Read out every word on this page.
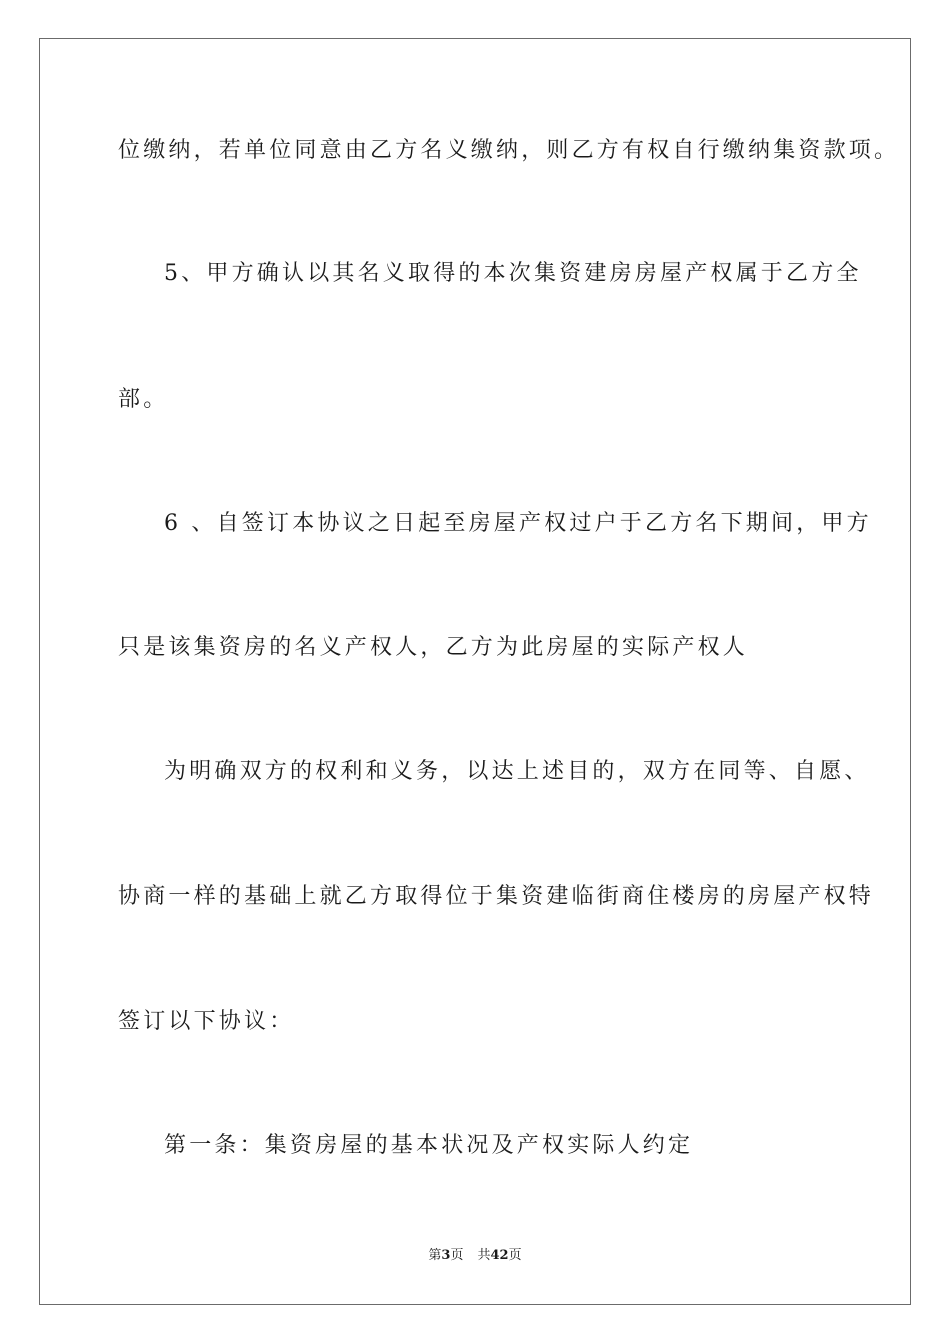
位缴纳，若单位同意由乙方名义缴纳，则乙方有权自行缴纳集资款项。
5、甲方确认以其名义取得的本次集资建房房屋产权属于乙方全
部。
6 、自签订本协议之日起至房屋产权过户于乙方名下期间，甲方
只是该集资房的名义产权人，乙方为此房屋的实际产权人
为明确双方的权利和义务，以达上述目的，双方在同等、自愿、
协商一样的基础上就乙方取得位于集资建临街商住楼房的房屋产权特
签订以下协议：
第一条：集资房屋的基本状况及产权实际人约定
第3页 共42页
